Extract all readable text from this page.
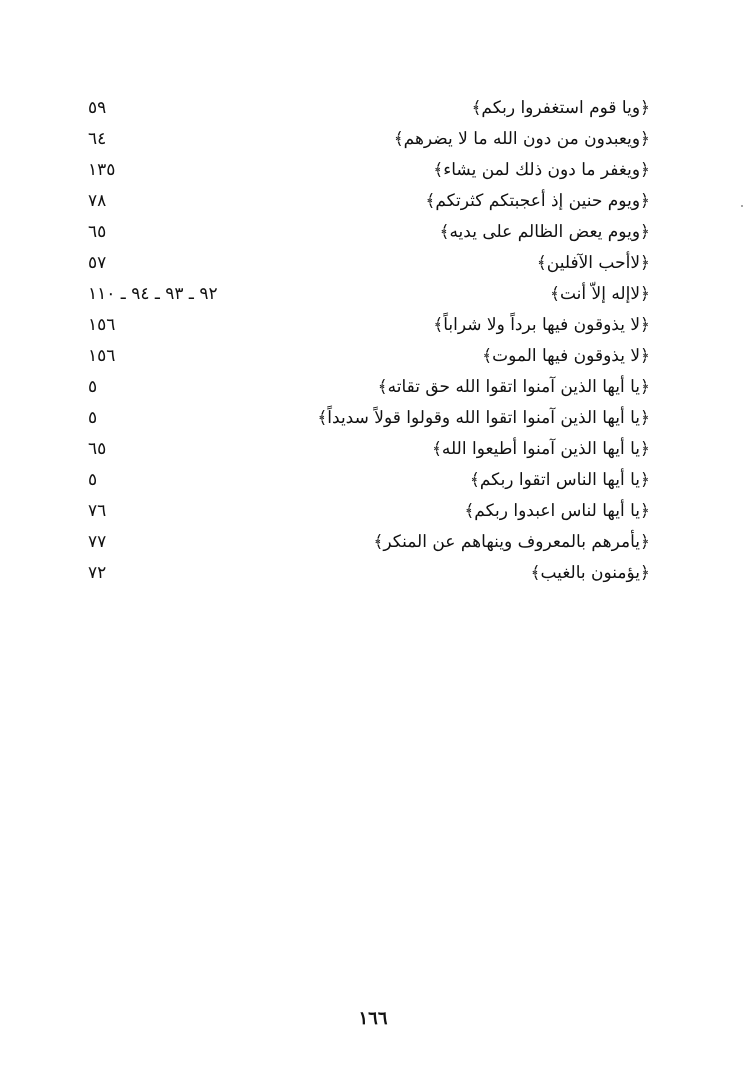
﴿ويا قوم استغفروا ربكم﴾
٥٩
﴿ويعبدون من دون الله ما لا يضرهم﴾
٦٤
﴿ويغفر ما دون ذلك لمن يشاء﴾
١٣٥
﴿ويوم حنين إذ أعجبتكم كثرتكم﴾
٧٨
﴿ويوم يعض الظالم على يديه﴾
٦٥
﴿لاأحب الآفلين﴾
٥٧
﴿لاإله إلاّ أنت﴾
٩٢ ـ ٩٣ ـ ٩٤ ـ ١١٠
﴿لا يذوقون فيها برداً ولا شراباً﴾
١٥٦
﴿لا يذوقون فيها الموت﴾
١٥٦
﴿يا أيها الذين آمنوا اتقوا الله حق تقاته﴾
٥
﴿يا أيها الذين آمنوا اتقوا الله وقولوا قولاً سديداً﴾
٥
﴿يا أيها الذين آمنوا أطيعوا الله﴾
٦٥
﴿يا أيها الناس اتقوا ربكم﴾
٥
﴿يا أيها لناس اعبدوا ربكم﴾
٧٦
﴿يأمرهم بالمعروف وينهاهم عن المنكر﴾
٧٧
﴿يؤمنون بالغيب﴾
٧٢
١٦٦
